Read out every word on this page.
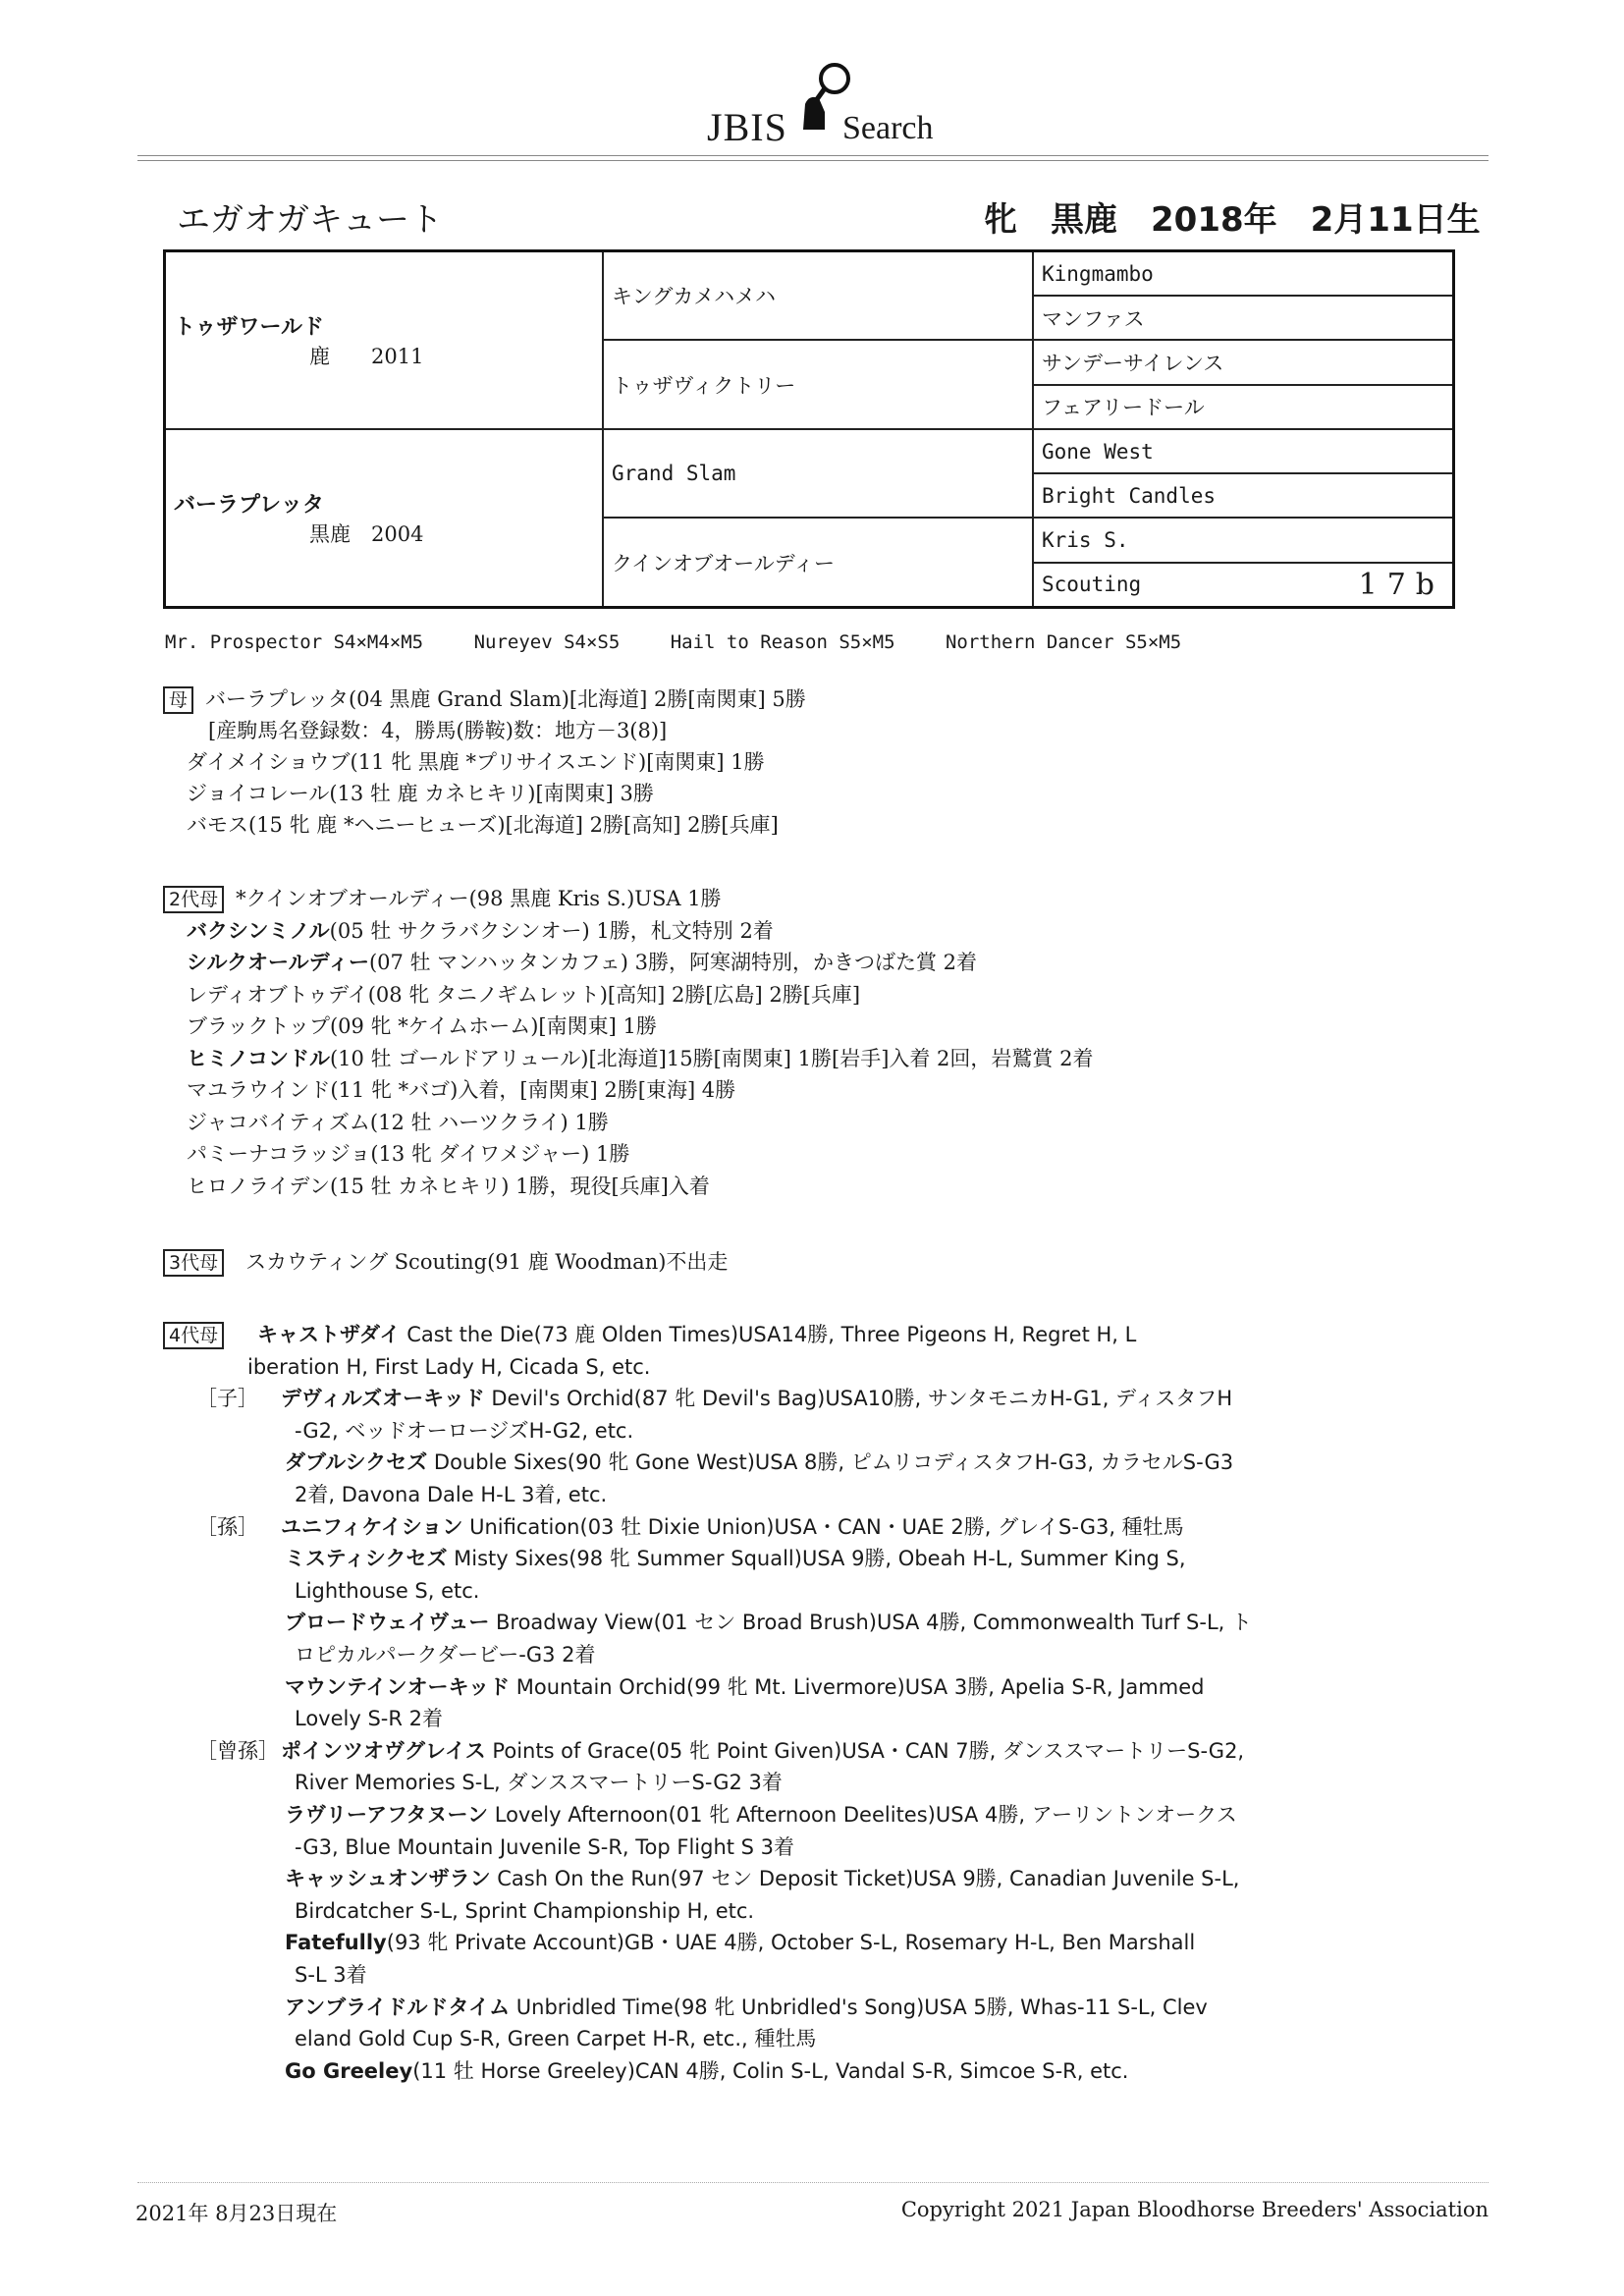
JBIS Search
エガオガキュート	牝　黒鹿　2018年　2月11日生
トゥザワールド
鹿　　2011	キングカメハメハ	Kingmambo
		マンファス
	トゥザヴィクトリー	サンデーサイレンス
		フェアリードール

バーラプレッタ
黒鹿　2004	Grand Slam	Gone West
		Bright Candles
	クインオブオールディー	Kris S.

		Scouting 17b
Mr. Prospector S4×M4×M5	Nureyev S4×S5	Hail to Reason S5×M5	Northern Dancer S5×M5
母 バーラプレッタ(04 黒鹿 Grand Slam)[北海道] 2勝[南関東] 5勝
[産駒馬名登録数：4，勝馬(勝鞍)数：地方－3(8)]
ダイメイショウブ(11 牝 黒鹿 *プリサイスエンド)[南関東] 1勝
ジョイコレール(13 牡 鹿 カネヒキリ)[南関東] 3勝
バモス(15 牝 鹿 *ヘニーヒューズ)[北海道] 2勝[高知] 2勝[兵庫]
2代母 *クインオブオールディー(98 黒鹿 Kris S.)USA 1勝
バクシンミノル(05 牡 サクラバクシンオー) 1勝，札文特別 2着
シルクオールディー(07 牡 マンハッタンカフェ) 3勝，阿寒湖特別，かきつばた賞 2着
レディオブトゥデイ(08 牝 タニノギムレット)[高知] 2勝[広島] 2勝[兵庫]
ブラックトップ(09 牝 *ケイムホーム)[南関東] 1勝
ヒミノコンドル(10 牡 ゴールドアリュール)[北海道]15勝[南関東] 1勝[岩手]入着 2回，岩鷲賞 2着
マユラウインド(11 牝 *バゴ)入着，[南関東] 2勝[東海] 4勝
ジャコバイティズム(12 牡 ハーツクライ) 1勝
パミーナコラッジョ(13 牝 ダイワメジャー) 1勝
ヒロノライデン(15 牡 カネヒキリ) 1勝，現役[兵庫]入着
3代母 スカウティング Scouting(91 鹿 Woodman)不出走
4代母	キャストザダイ Cast the Die(73 鹿 Olden Times)USA14勝, Three Pigeons H, Regret H, L
iberation H, First Lady H, Cicada S, etc.
［子］ デヴィルズオーキッド Devil's Orchid(87 牝 Devil's Bag)USA10勝, サンタモニカH-G1, ディスタフH
-G2, ベッドオーロージズH-G2, etc.
ダブルシクセズ Double Sixes(90 牝 Gone West)USA 8勝, ピムリコディスタフH-G3, カラセルS-G3
2着, Davona Dale H-L 3着, etc.
［孫］ ユニフィケイション Unification(03 牡 Dixie Union)USA・CAN・UAE 2勝, グレイS-G3, 種牡馬
ミスティシクセズ Misty Sixes(98 牝 Summer Squall)USA 9勝, Obeah H-L, Summer King S,
Lighthouse S, etc.
ブロードウェイヴュー Broadway View(01 セン Broad Brush)USA 4勝, Commonwealth Turf S-L, ト
ロピカルパークダービー-G3 2着
マウンテインオーキッド Mountain Orchid(99 牝 Mt. Livermore)USA 3勝, Apelia S-R, Jammed
Lovely S-R 2着
［曾孫］ポインツオヴグレイス Points of Grace(05 牝 Point Given)USA・CAN 7勝, ダンススマートリーS-G2,
River Memories S-L, ダンススマートリーS-G2 3着
ラヴリーアフタヌーン Lovely Afternoon(01 牝 Afternoon Deelites)USA 4勝, アーリントンオークス
-G3, Blue Mountain Juvenile S-R, Top Flight S 3着
キャッシュオンザラン Cash On the Run(97 セン Deposit Ticket)USA 9勝, Canadian Juvenile S-L,
Birdcatcher S-L, Sprint Championship H, etc.
Fatefully(93 牝 Private Account)GB・UAE 4勝, October S-L, Rosemary H-L, Ben Marshall
S-L 3着
アンブライドルドタイム Unbridled Time(98 牝 Unbridled's Song)USA 5勝, Whas-11 S-L, Clev
eland Gold Cup S-R, Green Carpet H-R, etc., 種牡馬
Go Greeley(11 牡 Horse Greeley)CAN 4勝, Colin S-L, Vandal S-R, Simcoe S-R, etc.
2021年 8月23日現在	Copyright 2021 Japan Bloodhorse Breeders' Association
